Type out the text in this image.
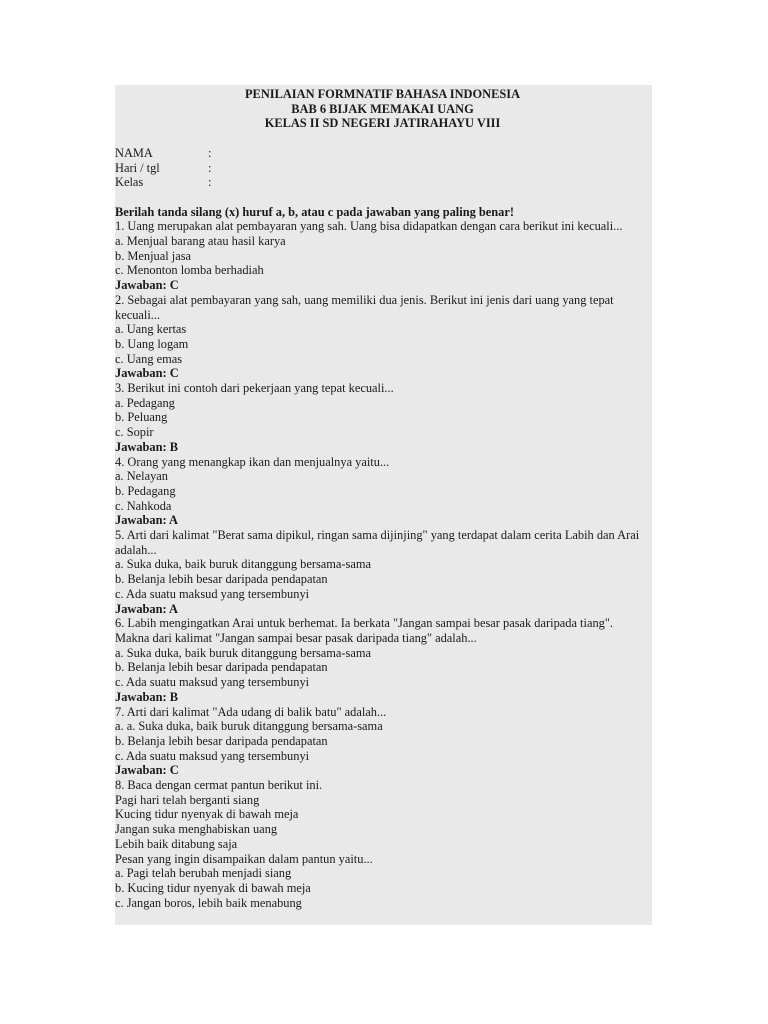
PENILAIAN FORMNATIF BAHASA INDONESIA
BAB 6 BIJAK MEMAKAI UANG
KELAS II SD NEGERI JATIRAHAYU VIII
NAMA	:
Hari / tgl	:
Kelas	:
Berilah tanda silang (x) huruf a, b, atau c pada jawaban yang paling benar!
1. Uang merupakan alat pembayaran yang sah. Uang bisa didapatkan dengan cara berikut ini kecuali...
a. Menjual barang atau hasil karya
b. Menjual jasa
c. Menonton lomba berhadiah
Jawaban: C
2. Sebagai alat pembayaran yang sah, uang memiliki dua jenis. Berikut ini jenis dari uang yang tepat kecuali...
a. Uang kertas
b. Uang logam
c. Uang emas
Jawaban: C
3. Berikut ini contoh dari pekerjaan yang tepat kecuali...
a. Pedagang
b. Peluang
c. Sopir
Jawaban: B
4. Orang yang menangkap ikan dan menjualnya yaitu...
a. Nelayan
b. Pedagang
c. Nahkoda
Jawaban: A
5. Arti dari kalimat "Berat sama dipikul, ringan sama dijinjing" yang terdapat dalam cerita Labih dan Arai adalah...
a. Suka duka, baik buruk ditanggung bersama-sama
b. Belanja lebih besar daripada pendapatan
c. Ada suatu maksud yang tersembunyi
Jawaban: A
6. Labih mengingatkan Arai untuk berhemat. Ia berkata "Jangan sampai besar pasak daripada tiang". Makna dari kalimat "Jangan sampai besar pasak daripada tiang" adalah...
a. Suka duka, baik buruk ditanggung bersama-sama
b. Belanja lebih besar daripada pendapatan
c. Ada suatu maksud yang tersembunyi
Jawaban: B
7. Arti dari kalimat "Ada udang di balik batu" adalah...
a. a. Suka duka, baik buruk ditanggung bersama-sama
b. Belanja lebih besar daripada pendapatan
c. Ada suatu maksud yang tersembunyi
Jawaban: C
8. Baca dengan cermat pantun berikut ini.
Pagi hari telah berganti siang
Kucing tidur nyenyak di bawah meja
Jangan suka menghabiskan uang
Lebih baik ditabung saja
Pesan yang ingin disampaikan dalam pantun yaitu...
a. Pagi telah berubah menjadi siang
b. Kucing tidur nyenyak di bawah meja
c. Jangan boros, lebih baik menabung
